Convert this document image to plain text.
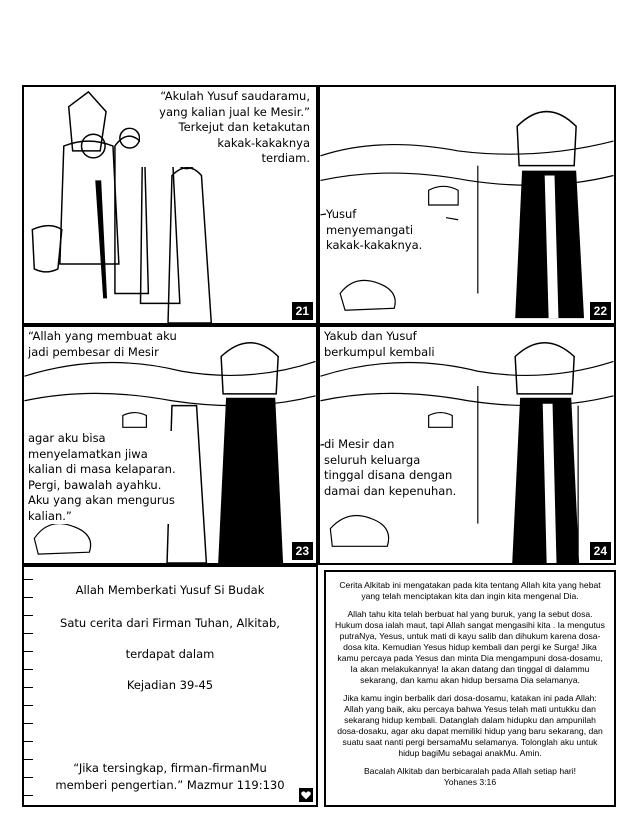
“Akulah Yusuf saudaramu,
yang kalian jual ke Mesir.”
Terkejut dan ketakutan
kakak-kakaknya
terdiam.
21
Yusuf
menyemangati
kakak-kakaknya.
22
“Allah yang membuat aku
jadi pembesar di Mesir
agar aku bisa
menyelamatkan jiwa
kalian di masa kelaparan.
Pergi, bawalah ayahku.
Aku yang akan mengurus
kalian.”
23
Yakub dan Yusuf
berkumpul kembali
di Mesir dan
seluruh keluarga
tinggal disana dengan
damai dan kepenuhan.
24
Allah Memberkati Yusuf Si Budak
Satu cerita dari Firman Tuhan, Alkitab,
terdapat dalam
Kejadian 39-45
“Jika tersingkap, firman-firmanMu
memberi pengertian.” Mazmur 119:130

Cerita Alkitab ini mengatakan pada kita tentang Allah kita yang hebat yang telah menciptakan kita dan ingin kita mengenal Dia.

Allah tahu kita telah berbuat hal yang buruk, yang Ia sebut dosa. Hukum dosa ialah maut, tapi Allah sangat mengasihi kita . Ia mengutus putraNya, Yesus, untuk mati di kayu salib dan dihukum karena dosa-dosa kita. Kemudian Yesus hidup kembali dan pergi ke Surga! Jika kamu percaya pada Yesus dan minta Dia mengampuni dosa-dosamu, Ia akan melakukannya! Ia akan datang dan tinggal di dalammu sekarang, dan kamu akan hidup bersama Dia selamanya.

Jika kamu ingin berbalik dari dosa-dosamu, katakan ini pada Allah: Allah yang baik, aku percaya bahwa Yesus telah mati untukku dan sekarang hidup kembali. Datanglah dalam hidupku dan ampunilah dosa-dosaku, agar aku dapat memiliki hidup yang baru sekarang, dan suatu saat nanti pergi bersamaMu selamanya. Tolonglah aku untuk hidup bagiMu sebagai anakMu. Amin.

Bacalah Alkitab dan berbicaralah pada Allah setiap hari!

Yohanes 3:16
